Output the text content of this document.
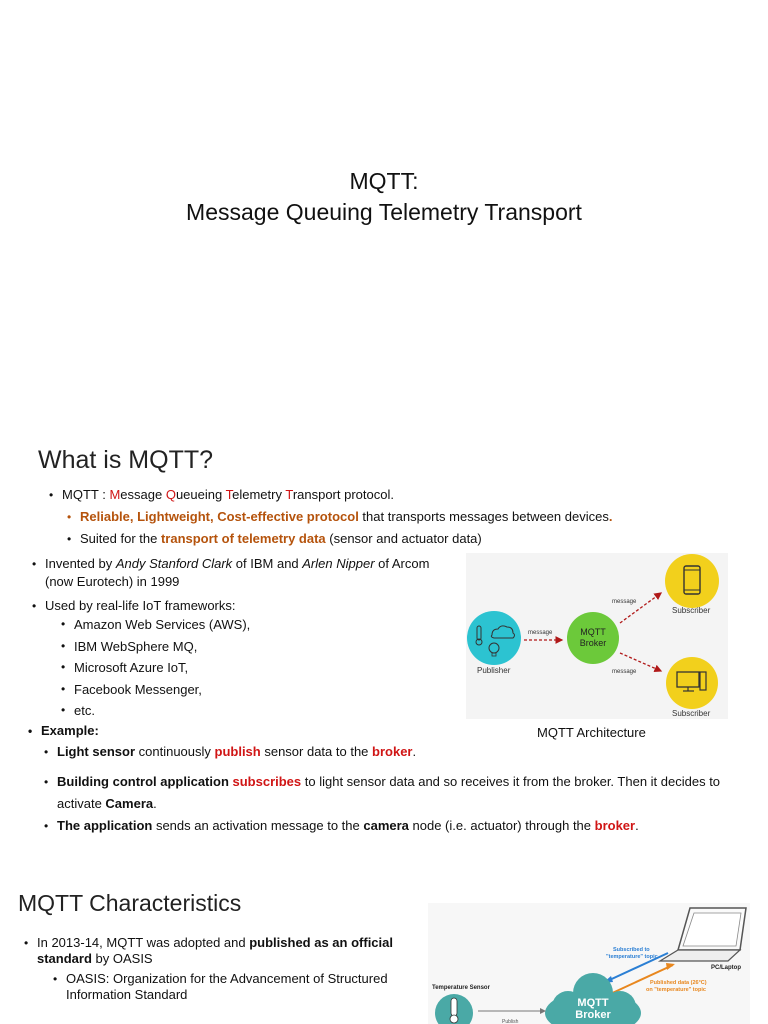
MQTT:
Message Queuing Telemetry Transport
What is MQTT?
• MQTT : Message Queueing Telemetry Transport protocol.
• Reliable, Lightweight, Cost-effective protocol that transports messages between devices.
• Suited for the transport of telemetry data (sensor and actuator data)
• Invented by Andy Stanford Clark of IBM and Arlen Nipper of Arcom
(now Eurotech) in 1999
• Used by real-life IoT frameworks:
• Amazon Web Services (AWS),
• IBM WebSphere MQ,
• Microsoft Azure IoT,
• Facebook Messenger,
• etc.
• Example:
• Light sensor continuously publish sensor data to the broker.
• Building control application subscribes to light sensor data and so receives it from the broker. Then it decides to
activate Camera.
• The application sends an activation message to the camera node (i.e. actuator) through the broker.
Publisher
MQTT
Broker
Subscriber
Subscriber
message
message
message
MQTT Architecture
MQTT Characteristics
• In 2013-14, MQTT was adopted and published as an official
standard by OASIS
• OASIS: Organization for the Advancement of Structured
Information Standard
PC/Laptop
Subscribed to
"temperature" topic
Published data (26°C)
on "temperature" topic
MQTT
Broker
Temperature Sensor
Publish
